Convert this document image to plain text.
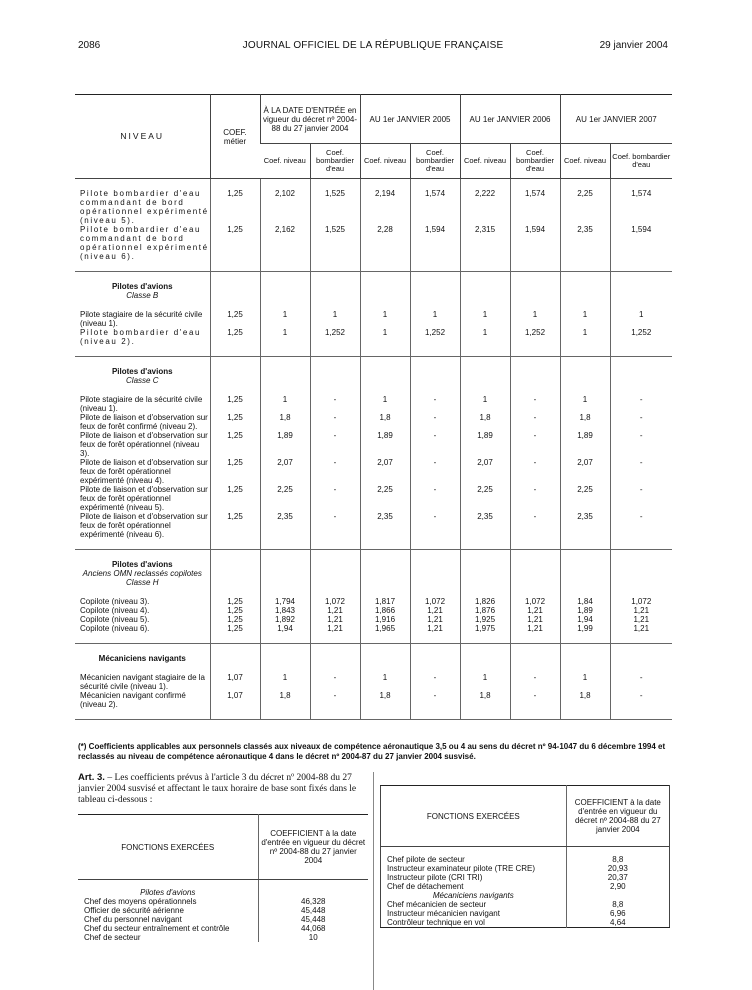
2086	JOURNAL OFFICIEL DE LA RÉPUBLIQUE FRANÇAISE	29 janvier 2004
NIVEAU	COEF. métier	À LA DATE D'ENTRÉE en vigueur du décret nº 2004-88 du 27 janvier 2004		AU 1er JANVIER 2005		AU 1er JANVIER 2006		AU 1er JANVIER 2007	
		Coef. niveau	Coef. bombardier d'eau	Coef. niveau	Coef. bombardier d'eau	Coef. niveau	Coef. bombardier d'eau	Coef. niveau	Coef. bombardier d'eau

Pilote bombardier d'eau commandant de bord opérationnel expérimenté (niveau 5).	1,25	2,102	1,525	2,194	1,574	2,222	1,574	2,25	1,574
Pilote bombardier d'eau commandant de bord opérationnel expérimenté (niveau 6).	1,25	2,162	1,525	2,28	1,594	2,315	1,594	2,35	1,594

Pilotes d'avions									
Classe B									

Pilote stagiaire de la sécurité civile (niveau 1).	1,25	1	1	1	1	1	1	1	1
Pilote bombardier d'eau (niveau 2).	1,25	1	1,252	1	1,252	1	1,252	1	1,252

Pilotes d'avions									
Classe C									

Pilote stagiaire de la sécurité civile (niveau 1).	1,25	1	-	1	-	1	-	1	-
Pilote de liaison et d'observation sur feux de forêt confirmé (niveau 2).	1,25	1,8	-	1,8	-	1,8	-	1,8	-
Pilote de liaison et d'observation sur feux de forêt opérationnel (niveau 3).	1,25	1,89	-	1,89	-	1,89	-	1,89	-
Pilote de liaison et d'observation sur feux de forêt opérationnel expérimenté (niveau 4).	1,25	2,07	-	2,07	-	2,07	-	2,07	-
Pilote de liaison et d'observation sur feux de forêt opérationnel expérimenté (niveau 5).	1,25	2,25	-	2,25	-	2,25	-	2,25	-
Pilote de liaison et d'observation sur feux de forêt opérationnel expérimenté (niveau 6).	1,25	2,35	-	2,35	-	2,35	-	2,35	-

Pilotes d'avions									
Anciens OMN reclassés copilotes Classe H									

Copilote (niveau 3).	1,25	1,794	1,072	1,817	1,072	1,826	1,072	1,84	1,072
Copilote (niveau 4).	1,25	1,843	1,21	1,866	1,21	1,876	1,21	1,89	1,21
Copilote (niveau 5).	1,25	1,892	1,21	1,916	1,21	1,925	1,21	1,94	1,21
Copilote (niveau 6).	1,25	1,94	1,21	1,965	1,21	1,975	1,21	1,99	1,21

Mécaniciens navigants									

Mécanicien navigant stagiaire de la sécurité civile (niveau 1).	1,07	1	-	1	-	1	-	1	-
Mécanicien navigant confirmé (niveau 2).	1,07	1,8	-	1,8	-	1,8	-	1,8	-

(*) Coefficients applicables aux personnels classés aux niveaux de compétence aéronautique 3,5 ou 4 au sens du décret nº 94-1047 du 6 décembre 1994 et reclassés au niveau de compétence aéronautique 4 dans le décret nº 2004-87 du 27 janvier 2004 susvisé.
Art. 3. – Les coefficients prévus à l'article 3 du décret nº 2004-88 du 27 janvier 2004 susvisé et affectant le taux horaire de base sont fixés dans le tableau ci-dessous :
FONCTIONS EXERCÉES	COEFFICIENT à la date d'entrée en vigueur du décret nº 2004-88 du 27 janvier 2004

Pilotes d'avions	
Chef des moyens opérationnels	46,328
Officier de sécurité aérienne	45,448
Chef du personnel navigant	45,448
Chef du secteur entraînement et contrôle	44,068
Chef de secteur	10
FONCTIONS EXERCÉES	COEFFICIENT à la date d'entrée en vigueur du décret nº 2004-88 du 27 janvier 2004

Chef pilote de secteur	8,8
Instructeur examinateur pilote (TRE CRE)	20,93
Instructeur pilote (CRI TRI)	20,37
Chef de détachement	2,90
Mécaniciens navigants	
Chef mécanicien de secteur	8,8
Instructeur mécanicien navigant	6,96
Contrôleur technique en vol	4,64
